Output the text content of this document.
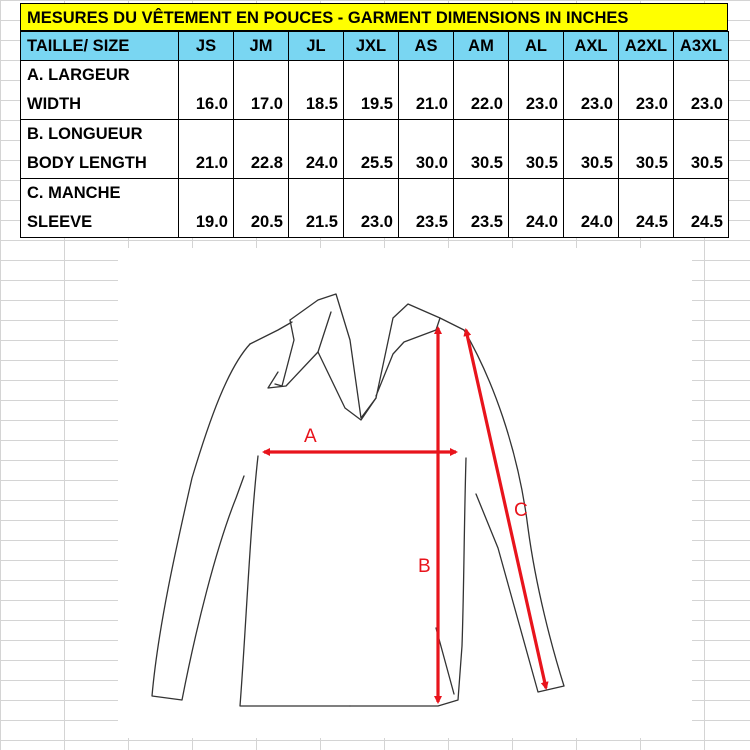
MESURES DU VÊTEMENT EN POUCES - GARMENT DIMENSIONS IN INCHES
TAILLE/ SIZE	JS	JM	JL	JXL	AS	AM	AL	AXL	A2XL	A3XL

A. LARGEUR
WIDTH	16.0	17.0	18.5	19.5	21.0	22.0	23.0	23.0	23.0	23.0

B. LONGUEUR
BODY LENGTH	21.0	22.8	24.0	25.5	30.0	30.5	30.5	30.5	30.5	30.5

C. MANCHE
SLEEVE	19.0	20.5	21.5	23.0	23.5	23.5	24.0	24.0	24.5	24.5
A
B
C
